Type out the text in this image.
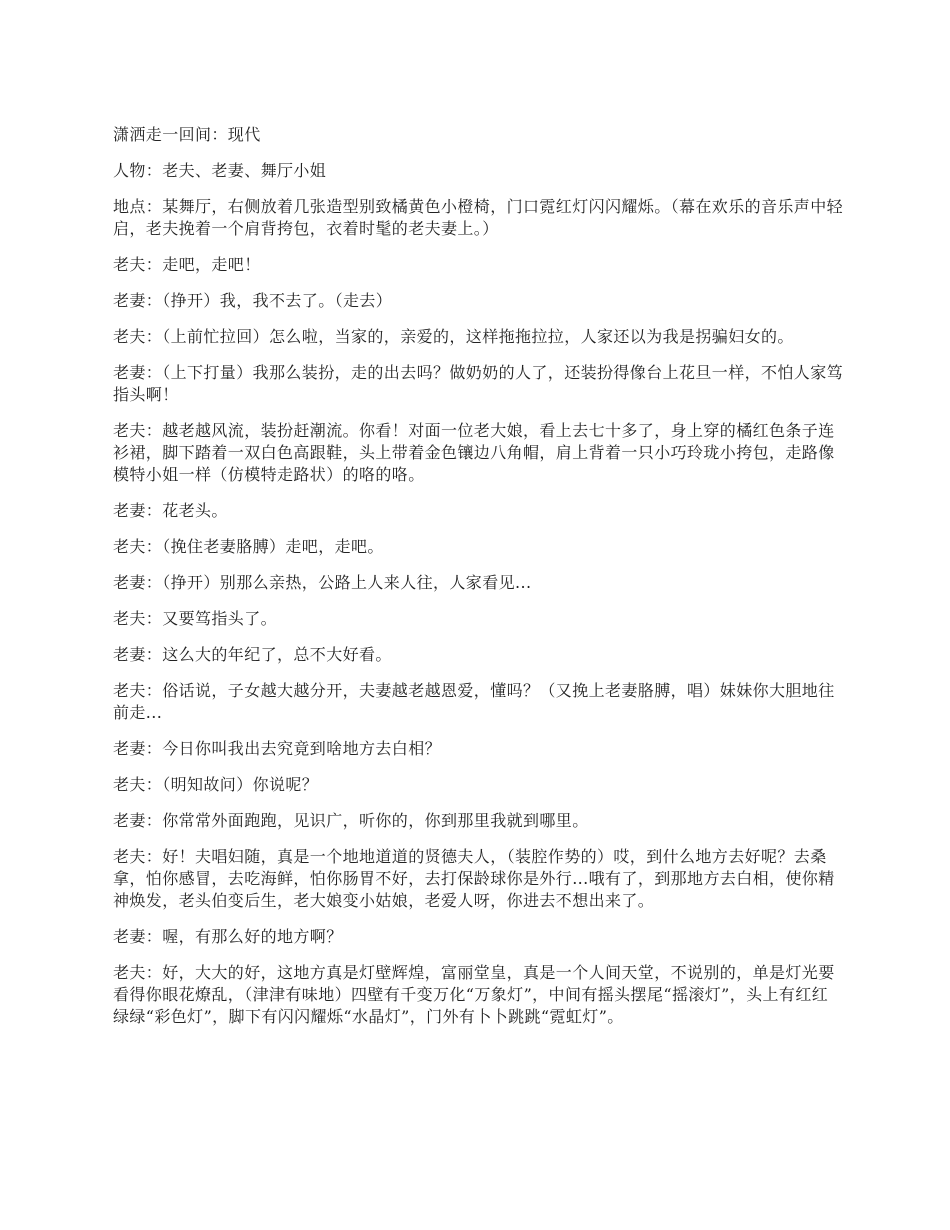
潇洒走一回间：现代

人物：老夫、老妻、舞厅小姐

地点：某舞厅，右侧放着几张造型别致橘黄色小橙椅，门口霓红灯闪闪耀烁。（幕在欢乐的音乐声中轻启，老夫挽着一个肩背挎包，衣着时髦的老夫妻上。）

老夫：走吧，走吧！

老妻：（挣开）我，我不去了。（走去）

老夫：（上前忙拉回）怎么啦，当家的，亲爱的，这样拖拖拉拉，人家还以为我是拐骗妇女的。

老妻：（上下打量）我那么装扮，走的出去吗？做奶奶的人了，还装扮得像台上花旦一样，不怕人家笃指头啊！

老夫：越老越风流，装扮赶潮流。你看！对面一位老大娘，看上去七十多了，身上穿的橘红色条子连衫裙，脚下踏着一双白色高跟鞋，头上带着金色镶边八角帽，肩上背着一只小巧玲珑小挎包，走路像模特小姐一样（仿模特走路状）的咯的咯。

老妻：花老头。

老夫：（挽住老妻胳膊）走吧，走吧。

老妻：（挣开）别那么亲热，公路上人来人往，人家看见...

老夫：又要笃指头了。

老妻：这么大的年纪了，总不大好看。

老夫：俗话说，子女越大越分开，夫妻越老越恩爱，懂吗？（又挽上老妻胳膊，唱）妹妹你大胆地往前走...

老妻：今日你叫我出去究竟到啥地方去白相？

老夫：（明知故问）你说呢？

老妻：你常常外面跑跑，见识广，听你的，你到那里我就到哪里。

老夫：好！夫唱妇随，真是一个地地道道的贤德夫人，（装腔作势的）哎，到什么地方去好呢？去桑拿，怕你感冒，去吃海鲜，怕你肠胃不好，去打保龄球你是外行...哦有了，到那地方去白相，使你精神焕发，老头伯变后生，老大娘变小姑娘，老爱人呀，你进去不想出来了。

老妻：喔，有那么好的地方啊？

老夫：好，大大的好，这地方真是灯壁辉煌，富丽堂皇，真是一个人间天堂，不说别的，单是灯光要看得你眼花燎乱，（津津有味地）四壁有千变万化“万象灯”，中间有摇头摆尾“摇滚灯”，头上有红红绿绿“彩色灯”，脚下有闪闪耀烁“水晶灯”，门外有卜卜跳跳“霓虹灯”。
